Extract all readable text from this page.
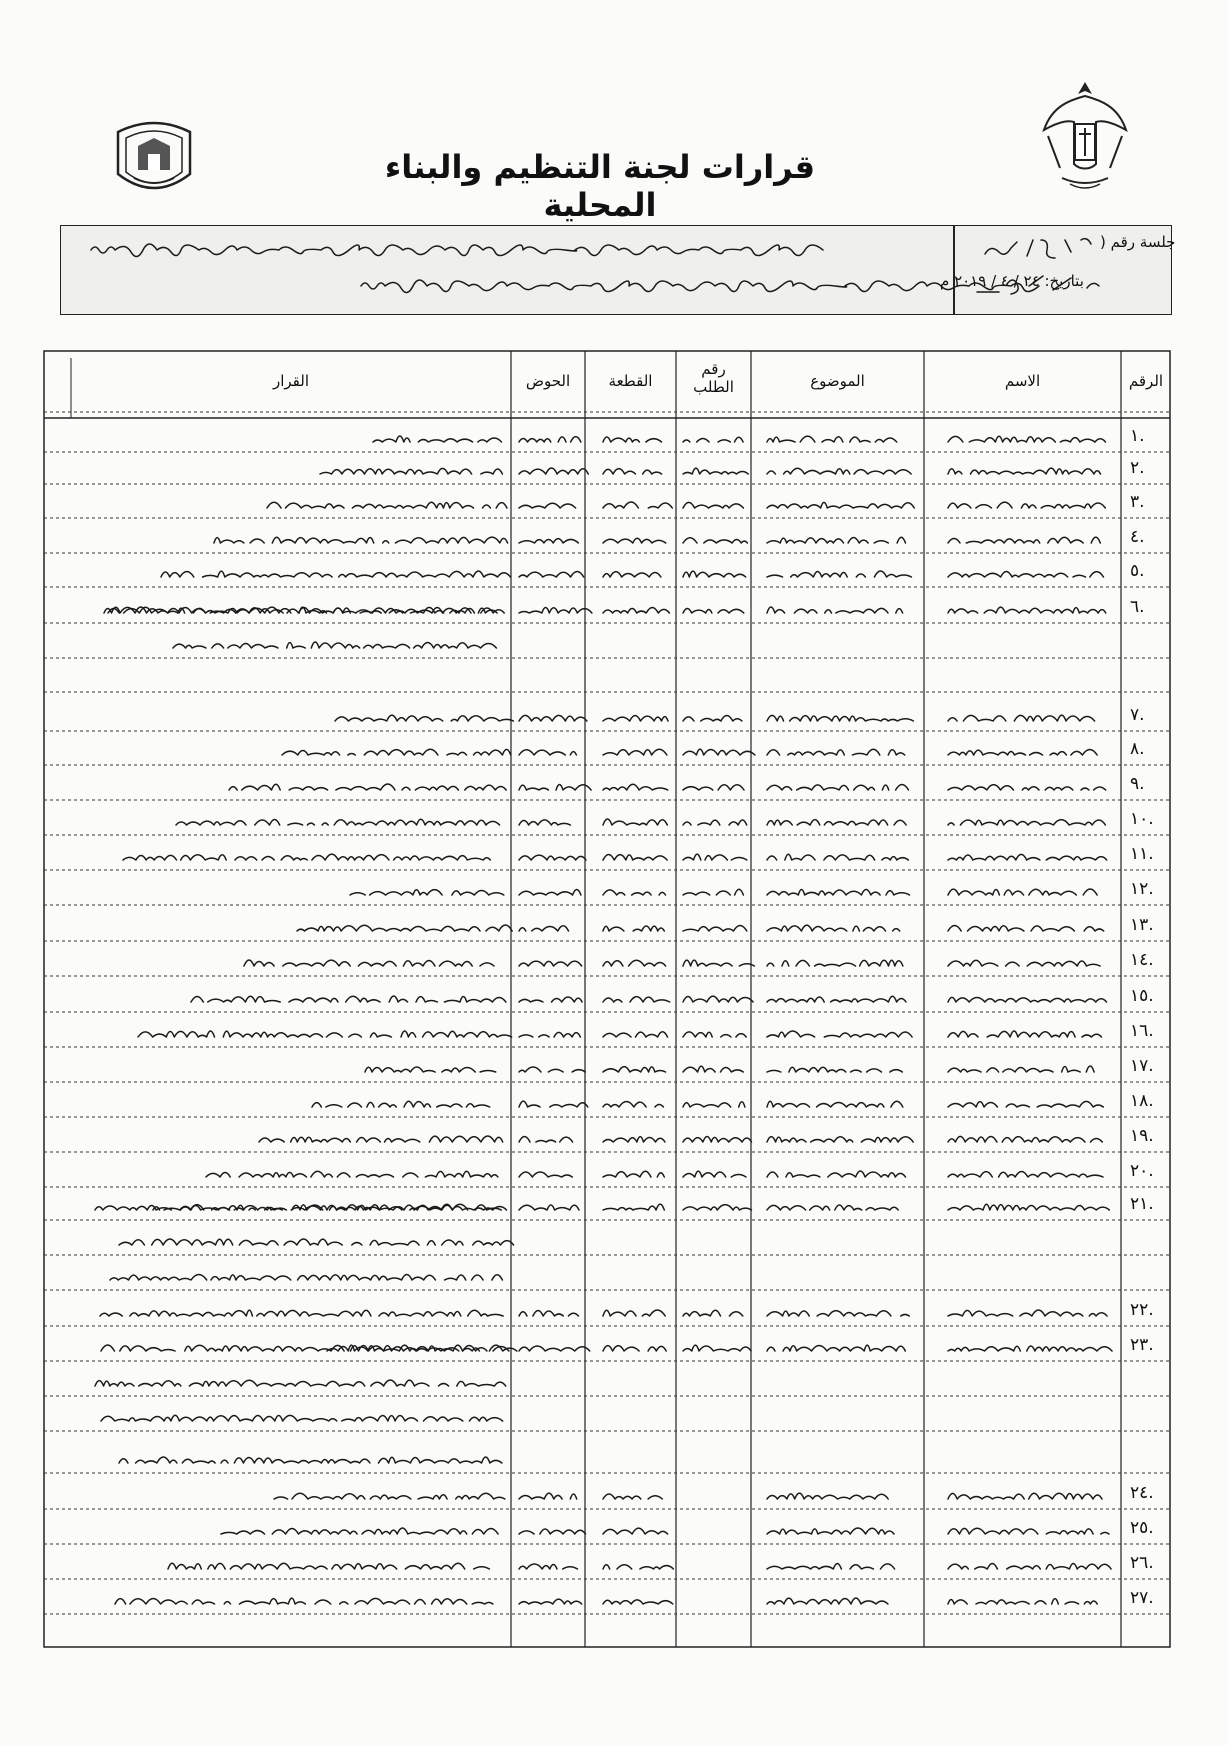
قرارات لجنة التنظيم والبناء المحلية
جلسة رقم (
بتاريخ: ٢٤ / ٤ / ٢٠١٩ م
الرقم
الاسم
الموضوع
رقم
الطلب
القطعة
الحوض
القرار
١.
٢.
٣.
٤.
٥.
٦.
٧.
٨.
٩.
١٠.
١١.
١٢.
١٣.
١٤.
١٥.
١٦.
١٧.
١٨.
١٩.
٢٠.
٢١.
٢٢.
٢٣.
٢٤.
٢٥.
٢٦.
٢٧.
